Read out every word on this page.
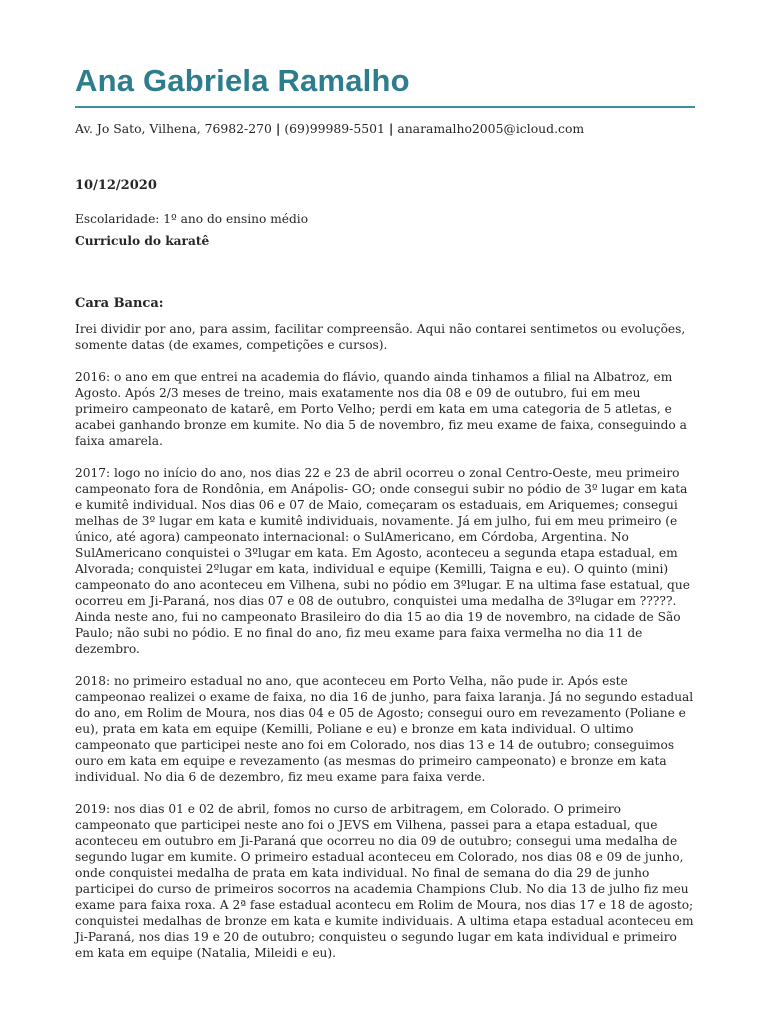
Ana Gabriela Ramalho
Av. Jo Sato, Vilhena, 76982-270 | (69)99989-5501 | anaramalho2005@icloud.com
10/12/2020
Escolaridade: 1º ano do ensino médio
Curriculo do karatê
Cara Banca:

Irei dividir por ano, para assim, facilitar compreensão. Aqui não contarei sentimetos ou evoluções, somente datas (de exames, competições e cursos).

2016: o ano em que entrei na academia do flávio, quando ainda tinhamos a filial na Albatroz, em Agosto. Após 2/3 meses de treino, mais exatamente nos dia 08 e 09 de outubro, fui em meu primeiro campeonato de katarê, em Porto Velho; perdi em kata em uma categoria de 5 atletas, e acabei ganhando bronze em kumite. No dia 5 de novembro, fiz meu exame de faixa, conseguindo a faixa amarela.

2017: logo no início do ano, nos dias 22 e 23 de abril ocorreu o zonal Centro-Oeste, meu primeiro campeonato fora de Rondônia, em Anápolis- GO; onde consegui subir no pódio de 3º lugar em kata e kumitê individual. Nos dias 06 e 07 de Maio, começaram os estaduais, em Ariquemes; consegui melhas de 3º lugar em kata e kumitê individuais, novamente. Já em julho, fui em meu primeiro (e único, até agora) campeonato internacional: o SulAmericano, em Córdoba, Argentina. No SulAmericano conquistei o 3ºlugar em kata. Em Agosto, aconteceu a segunda etapa estadual, em Alvorada; conquistei 2ºlugar em kata, individual e equipe (Kemilli, Taigna e eu). O quinto (mini) campeonato do ano aconteceu em Vilhena, subi no pódio em 3ºlugar. E na ultima fase estatual, que ocorreu em Ji-Paraná, nos dias 07 e 08 de outubro, conquistei uma medalha de 3ºlugar em ?????. Ainda neste ano, fui no campeonato Brasileiro do dia 15 ao dia 19 de novembro, na cidade de São Paulo; não subi no pódio. E no final do ano, fiz meu exame para faixa vermelha no dia 11 de dezembro.

2018: no primeiro estadual no ano, que aconteceu em Porto Velha, não pude ir. Após este campeonao realizei o exame de faixa, no dia 16 de junho, para faixa laranja. Já no segundo estadual do ano, em Rolim de Moura, nos dias 04 e 05 de Agosto; consegui ouro em revezamento (Poliane e eu), prata em kata em equipe (Kemilli, Poliane e eu) e bronze em kata individual. O ultimo campeonato que participei neste ano foi em Colorado, nos dias 13 e 14 de outubro; conseguimos ouro em kata em equipe e revezamento (as mesmas do primeiro campeonato) e bronze em kata individual. No dia 6 de dezembro, fiz meu exame para faixa verde.

2019: nos dias 01 e 02 de abril, fomos no curso de arbitragem, em Colorado. O primeiro campeonato que participei neste ano foi o JEVS em Vilhena, passei para a etapa estadual, que aconteceu em outubro em Ji-Paraná que ocorreu no dia 09 de outubro; consegui uma medalha de segundo lugar em kumite. O primeiro estadual aconteceu em Colorado, nos dias 08 e 09 de junho, onde conquistei medalha de prata em kata individual. No final de semana do dia 29 de junho participei do curso de primeiros socorros na academia Champions Club. No dia 13 de julho fiz meu exame para faixa roxa. A 2ª fase estadual acontecu em Rolim de Moura, nos dias 17 e 18 de agosto; conquistei medalhas de bronze em kata e kumite individuais. A ultima etapa estadual aconteceu em Ji-Paraná, nos dias 19 e 20 de outubro; conquisteu o segundo lugar em kata individual e primeiro em kata em equipe (Natalia, Mileidi e eu).
